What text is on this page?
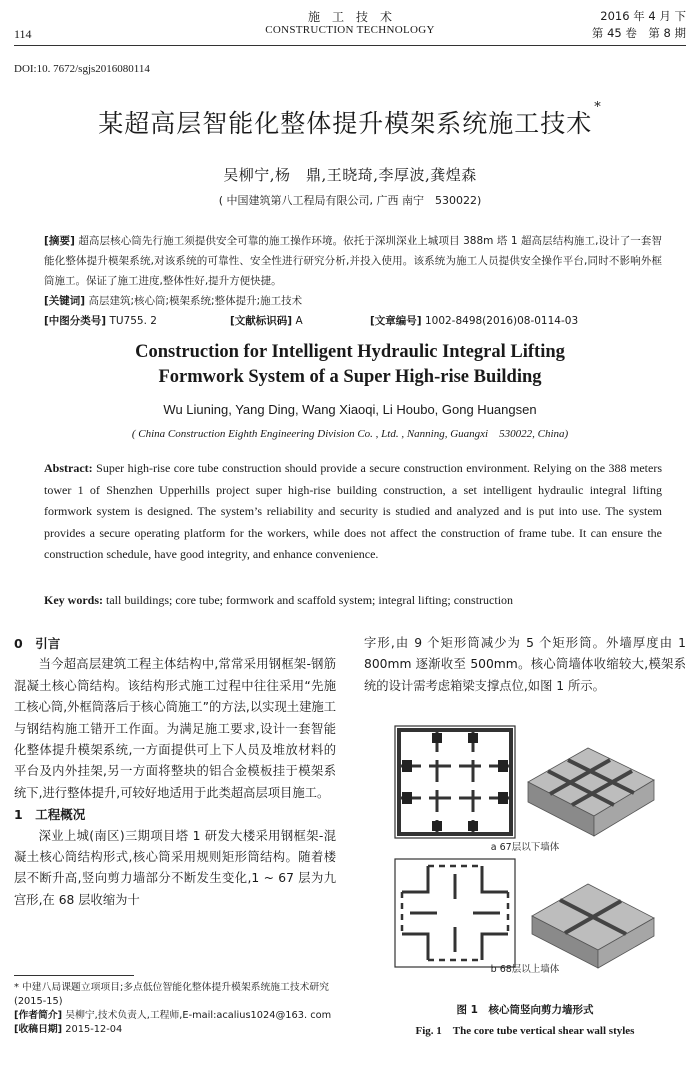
施　工　技　术
CONSTRUCTION TECHNOLOGY
114
2016 年 4 月 下
第 45 卷　第 8 期
DOI:10. 7672/sgjs2016080114
某超高层智能化整体提升模架系统施工技术*
吴柳宁,杨　鼎,王晓琦,李厚波,龚煌森
( 中国建筑第八工程局有限公司, 广西 南宁　530022)
[摘要] 超高层核心筒先行施工须提供安全可靠的施工操作环境。依托于深圳深业上城项目 388m 塔 1 超高层结构施工,设计了一套智能化整体提升模架系统,对该系统的可靠性、安全性进行研究分析,并投入使用。该系统为施工人员提供安全操作平台,同时不影响外框筒施工。保证了施工进度,整体性好,提升方便快捷。
[关键词] 高层建筑;核心筒;模架系统;整体提升;施工技术
[中图分类号] TU755. 2	[文献标识码] A	[文章编号] 1002-8498(2016)08-0114-03
Construction for Intelligent Hydraulic Integral Lifting
Formwork System of a Super High-rise Building
Wu Liuning, Yang Ding, Wang Xiaoqi, Li Houbo, Gong Huangsen
( China Construction Eighth Engineering Division Co. , Ltd. , Nanning, Guangxi　530022, China)
Abstract: Super high-rise core tube construction should provide a secure construction environment. Relying on the 388 meters tower 1 of Shenzhen Upperhills project super high-rise building construction, a set intelligent hydraulic integral lifting formwork system is designed. The system’s reliability and security is studied and analyzed and is put into use. The system provides a secure operating platform for the workers, while does not affect the construction of frame tube. It can ensure the construction schedule, have good integrity, and enhance convenience.
Key words: tall buildings; core tube; formwork and scaffold system; integral lifting; construction
0　引言

当今超高层建筑工程主体结构中,常常采用钢框架-钢筋混凝土核心筒结构。该结构形式施工过程中往往采用“先施工核心筒,外框筒落后于核心筒施工”的方法,以实现土建施工与钢结构施工错开工作面。为满足施工要求,设计一套智能化整体提升模架系统,一方面提供可上下人员及堆放材料的平台及内外挂架,另一方面将整块的铝合金模板挂于模架系统下,进行整体提升,可较好地适用于此类超高层项目施工。

1　工程概况

深业上城(南区)三期项目塔 1 研发大楼采用钢框架-混凝土核心筒结构形式,核心筒采用规则矩形筒结构。随着楼层不断升高,竖向剪力墙部分不断发生变化,1 ~ 67 层为九宫形,在 68 层收缩为十

* 中建八局课题立项项目;多点低位智能化整体提升模架系统施工技术研究(2015-15)
[作者简介] 吴柳宁,技术负责人,工程师,E-mail:acalius1024@163. com
[收稿日期] 2015-12-04
字形,由 9 个矩形筒减少为 5 个矩形筒。外墙厚度由 1 800mm 逐渐收至 500mm。核心筒墙体收缩较大,模架系统的设计需考虑箱梁支撑点位,如图 1 所示。
a 67层以下墙体
b 68层以上墙体
图 1　核心筒竖向剪力墙形式
Fig. 1　The core tube vertical shear wall styles
